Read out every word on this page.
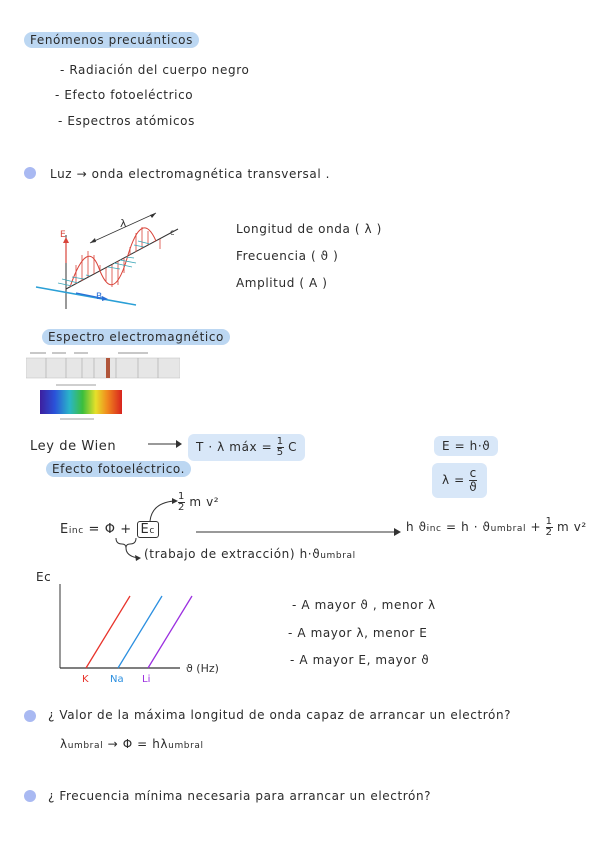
Fenómenos precuánticos
- Radiación del cuerpo negro
- Efecto fotoeléctrico
- Espectros atómicos
Luz → onda electromagnética transversal .
E
B
c
λ	Longitud de onda ( λ )
Frecuencia ( ϑ )
Amplitud ( A )
Espectro electromagnético
Ley de Wien	T · λ máx = $\frac{1}{5}$ C	E = h·ϑ
$\lambda = \frac{c}{ϑ}$
Efecto fotoeléctrico.
$\frac{1}{2}$ m v²
Einc = Φ + Ec	h ϑinc = h · ϑumbral + $\frac{1}{2}$ m v²
(trabajo de extracción) h·ϑumbral
Ec
K Na Li
ϑ (Hz)
- A mayor ϑ , menor λ
- A mayor λ, menor E
- A mayor E, mayor ϑ
¿ Valor de la máxima longitud de onda capaz de arrancar un electrón?
λumbral → Φ = hλumbral
¿ Frecuencia mínima necesaria para arrancar un electrón?
